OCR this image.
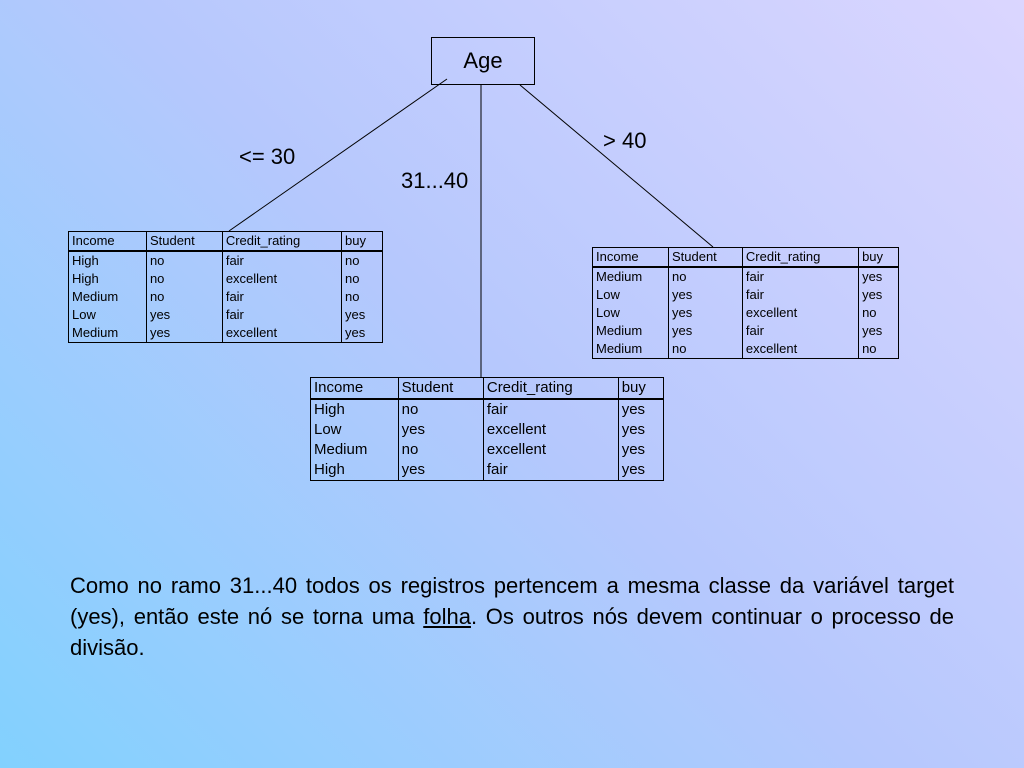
Age
<= 30
31...40
> 40
Income	Student	Credit_rating	buy
High	no	fair	no
High	no	excellent	no
Medium	no	fair	no
Low	yes	fair	yes
Medium	yes	excellent	yes
Income	Student	Credit_rating	buy
Medium	no	fair	yes
Low	yes	fair	yes
Low	yes	excellent	no
Medium	yes	fair	yes
Medium	no	excellent	no
Income	Student	Credit_rating	buy
High	no	fair	yes
Low	yes	excellent	yes
Medium	no	excellent	yes
High	yes	fair	yes
Como no ramo 31...40 todos os registros pertencem a mesma classe da variável target (yes), então este nó se torna uma folha. Os outros nós devem continuar o processo de divisão.
